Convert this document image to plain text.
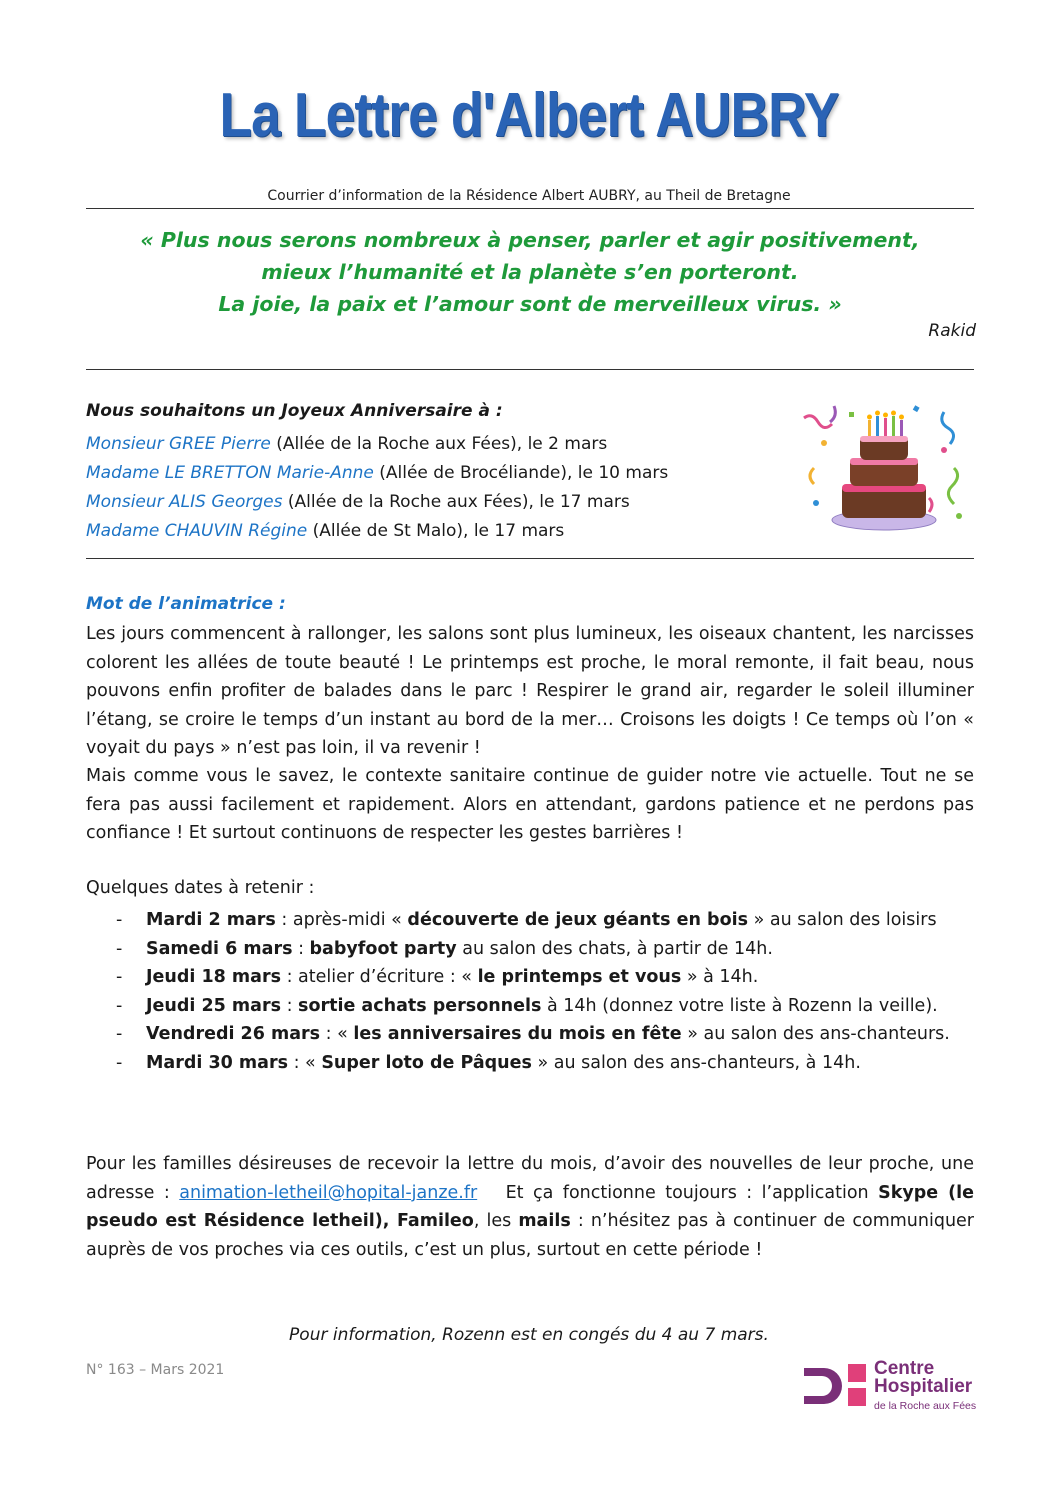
La Lettre d'Albert AUBRY
Courrier d’information de la Résidence Albert AUBRY, au Theil de Bretagne
« Plus nous serons nombreux à penser, parler et agir positivement,
mieux l’humanité et la planète s’en porteront.
La joie, la paix et l’amour sont de merveilleux virus. »
Rakid
Nous souhaitons un Joyeux Anniversaire à :
Monsieur GREE Pierre (Allée de la Roche aux Fées), le 2 mars
Madame LE BRETTON Marie-Anne (Allée de Brocéliande), le 10 mars
Monsieur ALIS Georges (Allée de la Roche aux Fées), le 17 mars
Madame CHAUVIN Régine (Allée de St Malo), le 17 mars
Mot de l’animatrice :
Les jours commencent à rallonger, les salons sont plus lumineux, les oiseaux chantent, les narcisses colorent les allées de toute beauté ! Le printemps est proche, le moral remonte, il fait beau, nous pouvons enfin profiter de balades dans le parc ! Respirer le grand air, regarder le soleil illuminer l’étang, se croire le temps d’un instant au bord de la mer… Croisons les doigts ! Ce temps où l’on « voyait du pays » n’est pas loin, il va revenir !
Mais comme vous le savez, le contexte sanitaire continue de guider notre vie actuelle. Tout ne se fera pas aussi facilement et rapidement. Alors en attendant, gardons patience et ne perdons pas confiance ! Et surtout continuons de respecter les gestes barrières !
Quelques dates à retenir :
- Mardi 2 mars : après-midi « découverte de jeux géants en bois » au salon des loisirs
- Samedi 6 mars : babyfoot party au salon des chats, à partir de 14h.
- Jeudi 18 mars : atelier d’écriture : « le printemps et vous » à 14h.
- Jeudi 25 mars : sortie achats personnels à 14h (donnez votre liste à Rozenn la veille).
- Vendredi 26 mars : « les anniversaires du mois en fête » au salon des ans-chanteurs.
- Mardi 30 mars : « Super loto de Pâques » au salon des ans-chanteurs, à 14h.
Pour les familles désireuses de recevoir la lettre du mois, d’avoir des nouvelles de leur proche, une adresse : animation-letheil@hopital-janze.fr   Et ça fonctionne toujours : l’application Skype (le pseudo est Résidence letheil), Famileo, les mails : n’hésitez pas à continuer de communiquer auprès de vos proches via ces outils, c’est un plus, surtout en cette période !
Pour information, Rozenn est en congés du 4 au 7 mars.
N° 163 – Mars 2021	Centre
Hospitalier
de la Roche aux Fées
